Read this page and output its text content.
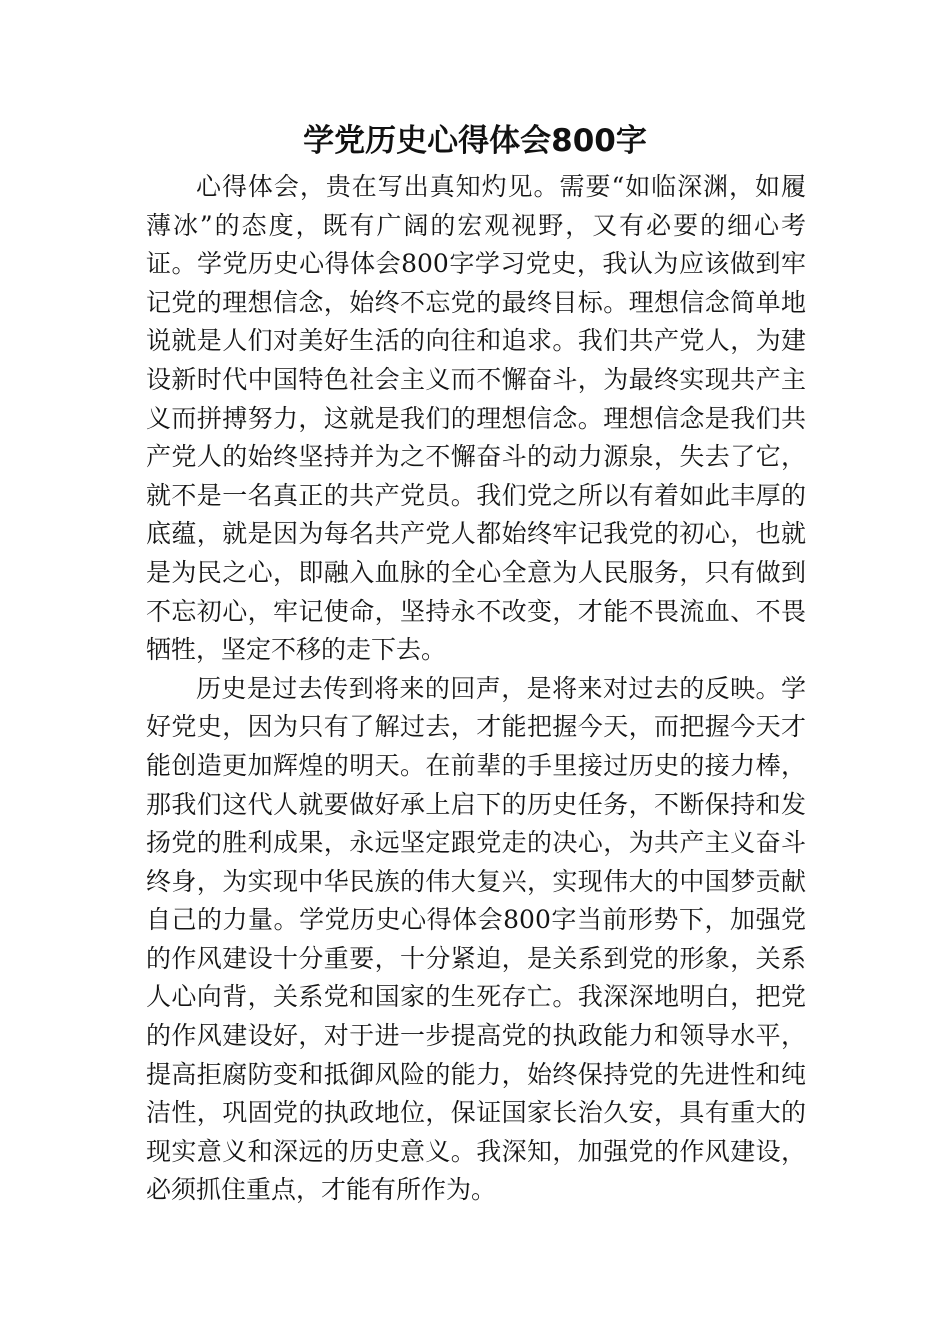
学党历史心得体会800字

心得体会，贵在写出真知灼见。需要“如临深渊，如履薄冰”的态度，既有广阔的宏观视野，又有必要的细心考证。学党历史心得体会800字学习党史，我认为应该做到牢记党的理想信念，始终不忘党的最终目标。理想信念简单地说就是人们对美好生活的向往和追求。我们共产党人，为建设新时代中国特色社会主义而不懈奋斗，为最终实现共产主义而拼搏努力，这就是我们的理想信念。理想信念是我们共产党人的始终坚持并为之不懈奋斗的动力源泉，失去了它，就不是一名真正的共产党员。我们党之所以有着如此丰厚的底蕴，就是因为每名共产党人都始终牢记我党的初心，也就是为民之心，即融入血脉的全心全意为人民服务，只有做到不忘初心，牢记使命，坚持永不改变，才能不畏流血、不畏牺牲，坚定不移的走下去。

历史是过去传到将来的回声，是将来对过去的反映。学好党史，因为只有了解过去，才能把握今天，而把握今天才能创造更加辉煌的明天。在前辈的手里接过历史的接力棒，那我们这代人就要做好承上启下的历史任务，不断保持和发扬党的胜利成果，永远坚定跟党走的决心，为共产主义奋斗终身，为实现中华民族的伟大复兴，实现伟大的中国梦贡献自己的力量。学党历史心得体会800字当前形势下，加强党的作风建设十分重要，十分紧迫，是关系到党的形象，关系人心向背，关系党和国家的生死存亡。我深深地明白，把党的作风建设好，对于进一步提高党的执政能力和领导水平，提高拒腐防变和抵御风险的能力，始终保持党的先进性和纯洁性，巩固党的执政地位，保证国家长治久安，具有重大的现实意义和深远的历史意义。我深知，加强党的作风建设，必须抓住重点，才能有所作为。
